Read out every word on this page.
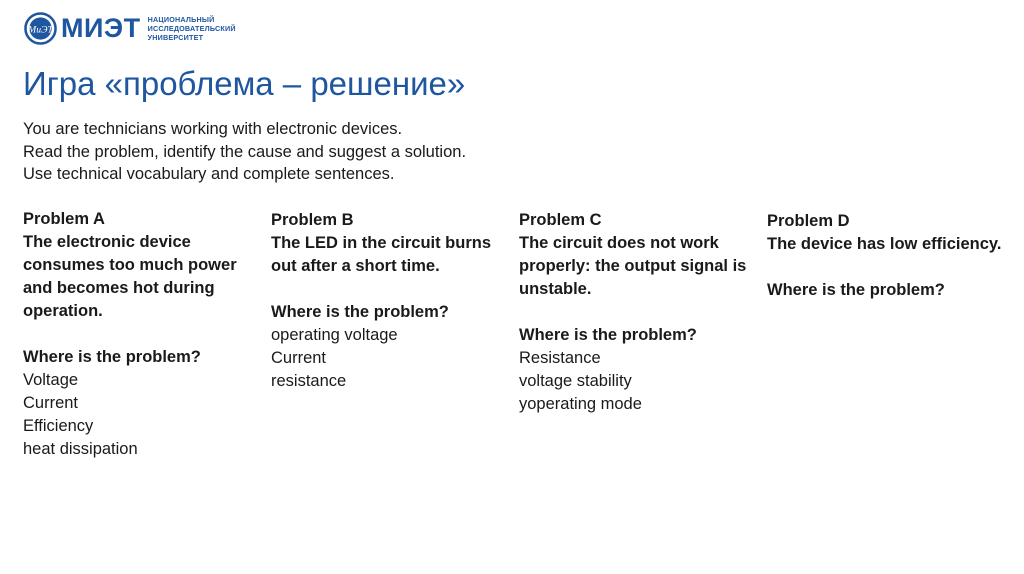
МиЭТ МИЭТ НАЦИОНАЛЬНЫЙ
ИССЛЕДОВАТЕЛЬСКИЙ
УНИВЕРСИТЕТ
Игра «проблема – решение»
You are technicians working with electronic devices.
Read the problem, identify the cause and suggest a solution.
Use technical vocabulary and complete sentences.
Problem A
The electronic device consumes too much power and becomes hot during operation.
Where is the problem?
Voltage
Current
Efficiency
heat dissipation
Problem B
The LED in the circuit burns out after a short time.
Where is the problem?
operating voltage
Current
resistance
Problem C
The circuit does not work properly: the output signal is unstable.
Where is the problem?
Resistance
voltage stability
yoperating mode
Problem D
The device has low efficiency.
Where is the problem?
